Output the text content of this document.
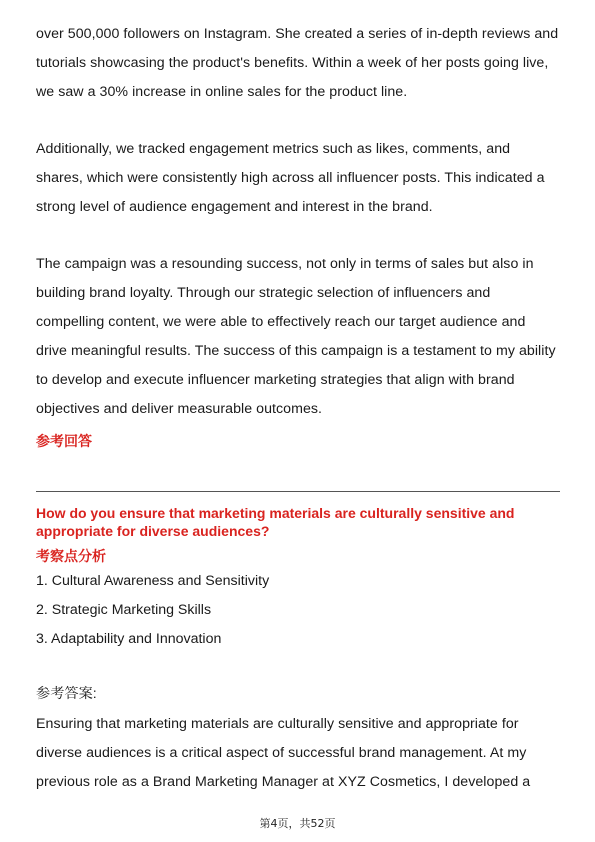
over 500,000 followers on Instagram. She created a series of in-depth reviews and tutorials showcasing the product's benefits. Within a week of her posts going live, we saw a 30% increase in online sales for the product line.

Additionally, we tracked engagement metrics such as likes, comments, and shares, which were consistently high across all influencer posts. This indicated a strong level of audience engagement and interest in the brand.

The campaign was a resounding success, not only in terms of sales but also in building brand loyalty. Through our strategic selection of influencers and compelling content, we were able to effectively reach our target audience and drive meaningful results. The success of this campaign is a testament to my ability to develop and execute influencer marketing strategies that align with brand objectives and deliver measurable outcomes.

参考回答

How do you ensure that marketing materials are culturally sensitive and appropriate for diverse audiences?

考察点分析

1. Cultural Awareness and Sensitivity

2. Strategic Marketing Skills

3. Adaptability and Innovation

参考答案:

Ensuring that marketing materials are culturally sensitive and appropriate for diverse audiences is a critical aspect of successful brand management. At my previous role as a Brand Marketing Manager at XYZ Cosmetics, I developed a

第4页，共52页
